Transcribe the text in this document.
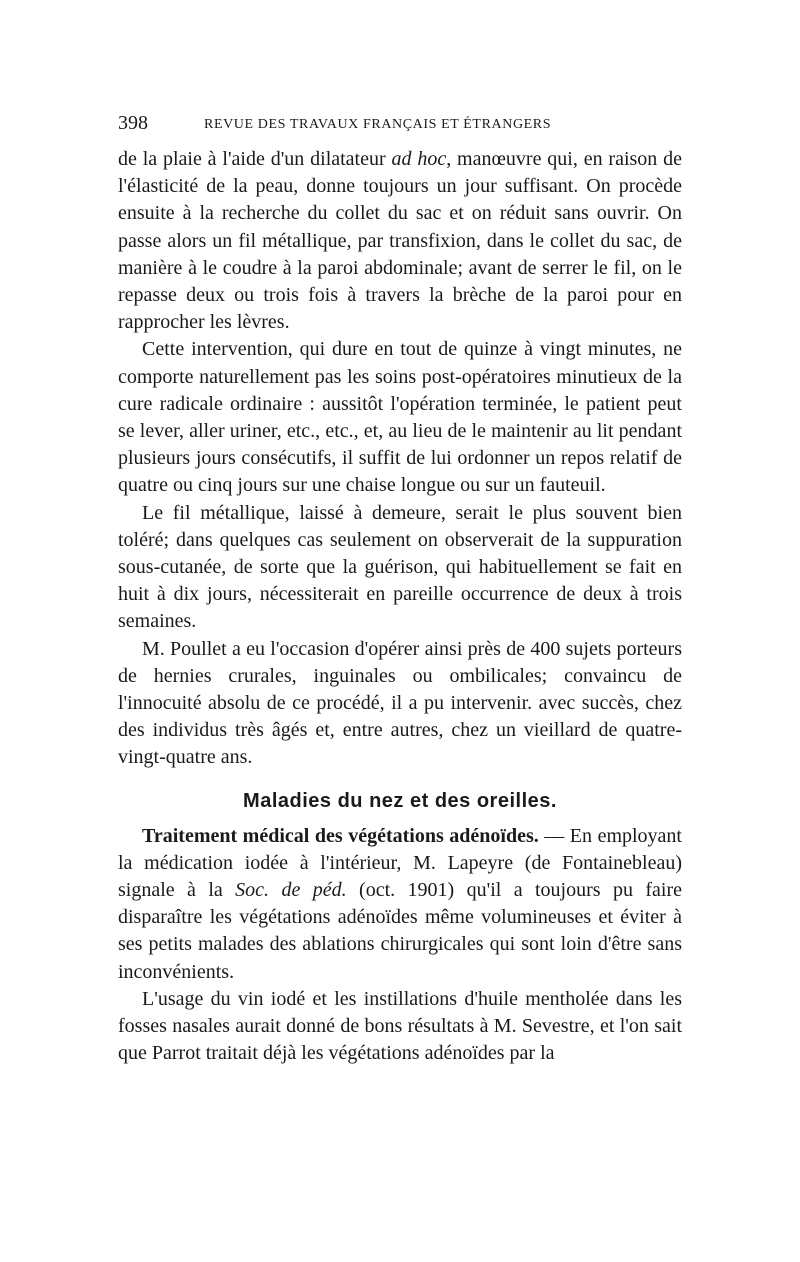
398	REVUE DES TRAVAUX FRANÇAIS ET ÉTRANGERS

de la plaie à l'aide d'un dilatateur ad hoc, manœuvre qui, en raison de l'élasticité de la peau, donne toujours un jour suffisant. On procède ensuite à la recherche du collet du sac et on réduit sans ouvrir. On passe alors un fil métallique, par transfixion, dans le collet du sac, de manière à le coudre à la paroi abdominale; avant de serrer le fil, on le repasse deux ou trois fois à travers la brèche de la paroi pour en rapprocher les lèvres.

Cette intervention, qui dure en tout de quinze à vingt minutes, ne comporte naturellement pas les soins post-opératoires minutieux de la cure radicale ordinaire : aussitôt l'opération terminée, le patient peut se lever, aller uriner, etc., etc., et, au lieu de le maintenir au lit pendant plusieurs jours consécutifs, il suffit de lui ordonner un repos relatif de quatre ou cinq jours sur une chaise longue ou sur un fauteuil.

Le fil métallique, laissé à demeure, serait le plus souvent bien toléré; dans quelques cas seulement on observerait de la suppuration sous-cutanée, de sorte que la guérison, qui habituellement se fait en huit à dix jours, nécessiterait en pareille occurrence de deux à trois semaines.

M. Poullet a eu l'occasion d'opérer ainsi près de 400 sujets porteurs de hernies crurales, inguinales ou ombilicales; convaincu de l'innocuité absolu de ce procédé, il a pu intervenir. avec succès, chez des individus très âgés et, entre autres, chez un vieillard de quatre-vingt-quatre ans.

Maladies du nez et des oreilles.

Traitement médical des végétations adénoïdes. — En employant la médication iodée à l'intérieur, M. Lapeyre (de Fontainebleau) signale à la Soc. de péd. (oct. 1901) qu'il a toujours pu faire disparaître les végétations adénoïdes même volumineuses et éviter à ses petits malades des ablations chirurgicales qui sont loin d'être sans inconvénients.

L'usage du vin iodé et les instillations d'huile mentholée dans les fosses nasales aurait donné de bons résultats à M. Sevestre, et l'on sait que Parrot traitait déjà les végétations adénoïdes par la
